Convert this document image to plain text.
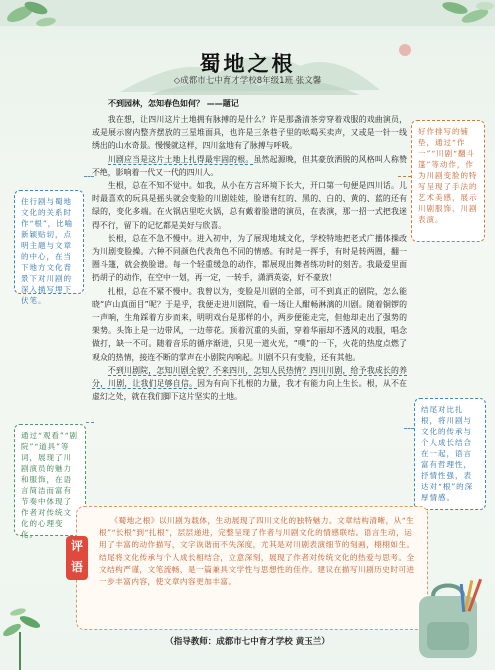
蜀地之根
◇成都市七中育才学校8年级1班 张文馨
不到园林，怎知春色如何？ ——题记

我在想，让四川这片土地拥有脉搏的是什么？许是那盏清茶旁穿着戏服的戏曲演员，或是展示窗内整齐摆放的三星堆面具，也许是三条巷子里的吆喝买卖声，又或是一针一线绣出的山水奇景。慢慢就这样，四川盆地有了脉搏与呼吸。

川剧应当是这片土地上扎得最牢固的根。虽然起源晚，但其豪放洒脱的风格叫人称赞不绝，影响着一代又一代的四川人。

生根，总在不知不觉中。如我，从小在方言环境下长大，开口第一句便是四川话。儿时最喜欢的玩具是摇头就会变脸的川剧娃娃，脸谱有红的、黑的、白的、黄的、蓝的还有绿的，变化多端。在火锅店里吃火锅，总有戴着脸谱的演员，在表演，那一招一式把我迷得不行，留下的记忆都是美好与欣喜。

长根，总在不急不慢中。进入初中，为了展现地域文化，学校特地把老式广播体操改为川剧变脸操。六种不同颜色代表角色不同的情感。有时是一挥手，有时是转两圈，翻一圈斗篷，就会换脸谱。每一个轻重缓急的动作，都展现出舞者练功时的刻苦。我最爱里面扔胡子的动作，在空中一划，再一定，一转手，潇洒英姿，好不豪放！

扎根，总在不紧不慢中。我曾以为，变脸是川剧的全部，可不到真正的剧院，怎么能晓“庐山真面目”呢？于是乎，我便走进川剧院，看一场让人酣畅淋漓的川剧。随着铜锣的一声响，生角踩着方步而来，明明戏台是那样的小，两步便能走完，但他却走出了强势的架势。头饰上是一边带风，一边带花。顶着沉重的头面，穿着华丽却不透风的戏服，唱念做打，缺一不可。随着音乐的循序渐进，只见一道火光，“噗”的一下，火花的热度点燃了观众的热情，接连不断的掌声在小剧院内响起。川剧不只有变脸，还有其他。

不到川剧院，怎知川剧全貌？不来四川，怎知人民热情？四川川剧，给予我成长的养分，川剧，让我们足够自信。因为有向下扎根的力量，我才有能力向上生长。根，从不在虚幻之处，就在我们脚下这片坚实的土地。

住行剧与蜀地文化的关系时作“根”，比喻新颖贴切，点明主题与文章的中心，在当下地方文化背景下对川剧的深入描写埋下伏笔。
好作排写的铺垫，通过“作一”“川剧“翻斗篷”等动作，作为川剧变脸的特写呈现了手法的艺术美感，展示川剧服饰、川剧表演。
通过“观看”“剧院”“道具”等词，展现了川剧演员的魅力和服饰，在语言简洁而富有节奏中体现了作者对传统文化的心理变化。
结尾对比扎根，将川剧与文化的传承与个人成长结合在一起，语言富有哲理性，抒情性强，表达对“根”的深厚情感。
《蜀地之根》以川剧为载体，生动展现了四川文化的独特魅力。文章结构清晰，从“生根”“长根”到“扎根”，层层递进，完整呈现了作者与川剧文化的情感联结。语言生动，运用了丰富的动作描写，文字诙谐而不失深度，尤其是对川剧表演细节的刻画，栩栩如生。结尾将文化传承与个人成长相结合，立意深刻，展现了作者对传统文化的热爱与思考。全文结构严谨，文笔流畅，是一篇兼具文学性与思想性的佳作。建议在描写川剧历史时可进一步丰富内容，使文章内容更加丰富。
评语
（指导教师：成都市七中育才学校 黄玉兰）
